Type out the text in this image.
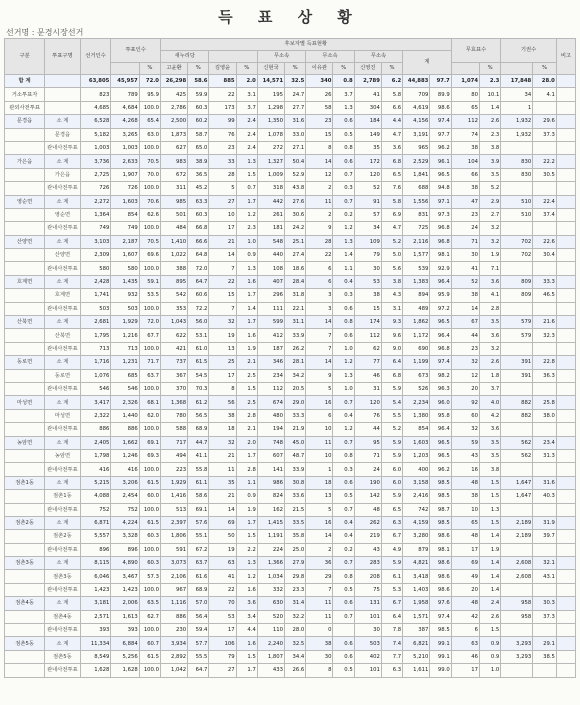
득 표 상 황
선거명 : 문경시장선거
구분	투표구명	선거인수	투표인수		후보자별 득표현황												무효표수		기권수		비고
					새누리당				무소속		무소속		무소속		계						
				%	고윤환	%	김영윤	%	신현국	%	이유관	%	신영진	%				%		%	
합 계		63,805	45,957	72.0	26,298	58.6	885	2.0	14,571	32.5	340	0.8	2,789	6.2	44,883	97.7	1,074	2.3	17,848	28.0	
거소투표자		823	789	95.9	425	59.9	22	3.1	195	24.7	26	3.7	41	5.8	709	89.9	80	10.1	34	4.1	
관외사전투표		4,685	4,684	100.0	2,786	60.3	173	3.7	1,298	27.7	58	1.3	304	6.6	4,619	98.6	65	1.4	1		
문경읍	소 계	6,528	4,268	65.4	2,500	60.2	99	2.4	1,350	31.6	23	0.6	184	4.4	4,156	97.4	112	2.6	1,932	29.6	
	문경읍	5,182	3,265	63.0	1,873	58.7	76	2.4	1,078	33.0	15	0.5	149	4.7	3,191	97.7	74	2.3	1,932	37.3	
	관내사전투표	1,003	1,003	100.0	627	65.0	23	2.4	272	27.1	8	0.8	35	3.6	965	96.2	38	3.8			
가은읍	소 계	3,736	2,633	70.5	983	38.9	33	1.3	1,327	50.4	14	0.6	172	6.8	2,529	96.1	104	3.9	830	22.2	
	가은읍	2,725	1,907	70.0	672	36.5	28	1.5	1,009	52.9	12	0.7	120	6.5	1,841	96.5	66	3.5	830	30.5	
	관내사전투표	726	726	100.0	311	45.2	5	0.7	318	43.8	2	0.3	52	7.6	688	94.8	38	5.2			
영순면	소 계	2,272	1,603	70.6	985	63.3	27	1.7	442	27.6	11	0.7	91	5.8	1,556	97.1	47	2.9	510	22.4	
	영순면	1,364	854	62.6	501	60.3	10	1.2	261	30.6	2	0.2	57	6.9	831	97.3	23	2.7	510	37.4	
	관내사전투표	749	749	100.0	484	66.8	17	2.3	181	24.2	9	1.2	34	4.7	725	96.8	24	3.2			
산양면	소 계	3,103	2,187	70.5	1,410	66.6	21	1.0	548	25.1	28	1.3	109	5.2	2,116	96.8	71	3.2	702	22.6	
	산양면	2,309	1,607	69.6	1,022	64.8	14	0.9	440	27.4	22	1.4	79	5.0	1,577	98.1	30	1.9	702	30.4	
	관내사전투표	580	580	100.0	388	72.0	7	1.3	108	18.6	6	1.1	30	5.6	539	92.9	41	7.1			
호계면	소 계	2,428	1,435	59.1	895	64.7	22	1.6	407	28.4	6	0.4	53	3.8	1,383	96.4	52	3.6	809	33.3	
	호계면	1,741	932	53.5	542	60.6	15	1.7	296	31.8	3	0.3	38	4.3	894	95.9	38	4.1	809	46.5	
	관내사전투표	503	503	100.0	353	72.2	7	1.4	111	22.1	3	0.6	15	3.1	489	97.2	14	2.8			
산북면	소 계	2,681	1,929	72.0	1,043	56.0	32	1.7	599	31.1	14	0.8	174	9.3	1,862	96.5	67	3.5	579	21.6	
	산북면	1,795	1,216	67.7	622	53.1	19	1.6	412	33.9	7	0.6	112	9.6	1,172	96.4	44	3.6	579	32.3	
	관내사전투표	713	713	100.0	421	61.0	13	1.9	187	26.2	7	1.0	62	9.0	690	96.8	23	3.2			
동로면	소 계	1,716	1,231	71.7	737	61.5	25	2.1	346	28.1	14	1.2	77	6.4	1,199	97.4	32	2.6	391	22.8	
	동로면	1,076	685	63.7	367	54.5	17	2.5	234	34.2	9	1.3	46	6.8	673	98.2	12	1.8	391	36.3	
	관내사전투표	546	546	100.0	370	70.3	8	1.5	112	20.5	5	1.0	31	5.9	526	96.3	20	3.7			
마성면	소 계	3,417	2,326	68.1	1,368	61.2	56	2.5	674	29.0	16	0.7	120	5.4	2,234	96.0	92	4.0	882	25.8	
	마성면	2,322	1,440	62.0	780	56.5	38	2.8	480	33.3	6	0.4	76	5.5	1,380	95.8	60	4.2	882	38.0	
	관내사전투표	886	886	100.0	588	68.9	18	2.1	194	21.9	10	1.2	44	5.2	854	96.4	32	3.6			
농암면	소 계	2,405	1,662	69.1	717	44.7	32	2.0	748	45.0	11	0.7	95	5.9	1,603	96.5	59	3.5	562	23.4	
	농암면	1,798	1,246	69.3	494	41.1	21	1.7	607	48.7	10	0.8	71	5.9	1,203	96.5	43	3.5	562	31.3	
	관내사전투표	416	416	100.0	223	55.8	11	2.8	141	33.9	1	0.3	24	6.0	400	96.2	16	3.8			
점촌1동	소 계	5,215	3,206	61.5	1,929	61.1	35	1.1	986	30.8	18	0.6	190	6.0	3,158	98.5	48	1.5	1,647	31.6	
	점촌1동	4,088	2,454	60.0	1,416	58.6	21	0.9	824	33.6	13	0.5	142	5.9	2,416	98.5	38	1.5	1,647	40.3	
	관내사전투표	752	752	100.0	513	69.1	14	1.9	162	21.5	5	0.7	48	6.5	742	98.7	10	1.3			
점촌2동	소 계	6,871	4,224	61.5	2,397	57.6	69	1.7	1,415	33.5	16	0.4	262	6.3	4,159	98.5	65	1.5	2,189	31.9	
	점촌2동	5,557	3,328	60.3	1,806	55.1	50	1.5	1,191	35.8	14	0.4	219	6.7	3,280	98.6	48	1.4	2,189	39.7	
	관내사전투표	896	896	100.0	591	67.2	19	2.2	224	25.0	2	0.2	43	4.9	879	98.1	17	1.9			
점촌3동	소 계	8,115	4,890	60.3	3,073	63.7	63	1.3	1,366	27.9	36	0.7	283	5.9	4,821	98.6	69	1.4	2,608	32.1	
	점촌3동	6,046	3,467	57.3	2,106	61.6	41	1.2	1,034	29.8	29	0.8	208	6.1	3,418	98.6	49	1.4	2,608	43.1	
	관내사전투표	1,423	1,423	100.0	967	68.9	22	1.6	332	23.3	7	0.5	75	5.3	1,403	98.6	20	1.4			
점촌4동	소 계	3,181	2,006	63.5	1,116	57.0	70	3.6	630	31.4	11	0.6	131	6.7	1,958	97.6	48	2.4	958	30.3	
	점촌4동	2,571	1,613	62.7	886	56.4	53	3.4	520	32.2	11	0.7	101	6.4	1,571	97.4	42	2.6	958	37.3	
	관내사전투표	393	393	100.0	230	59.4	17	4.4	110	28.0	0		30	7.8	387	98.5	6	1.5			
점촌5동	소 계	11,334	6,884	60.7	3,934	57.7	106	1.6	2,240	32.5	38	0.6	503	7.4	6,821	99.1	63	0.9	3,293	29.1	
	점촌5동	8,549	5,256	61.5	2,892	55.5	79	1.5	1,807	34.4	30	0.6	402	7.7	5,210	99.1	46	0.9	3,293	38.5	
	관내사전투표	1,628	1,628	100.0	1,042	64.7	27	1.7	433	26.6	8	0.5	101	6.3	1,611	99.0	17	1.0			
